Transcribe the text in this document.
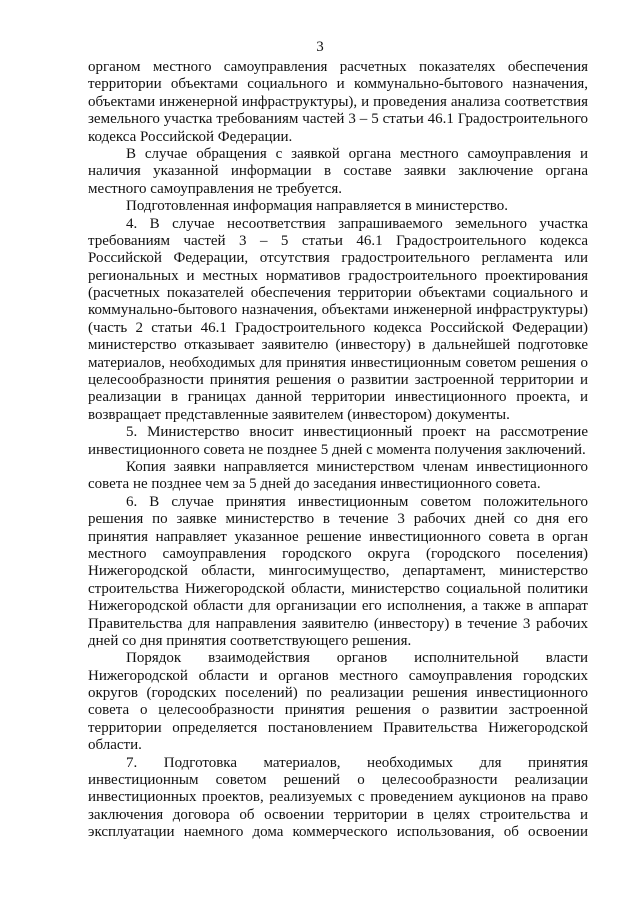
3
органом местного самоуправления расчетных показателях обеспечения
территории объектами социального и коммунально-бытового назначения,
объектами инженерной инфраструктуры), и проведения анализа соответствия
земельного участка требованиям частей 3 – 5 статьи 46.1 Градостроительного
кодекса Российской Федерации.
В случае обращения с заявкой органа местного самоуправления и
наличия указанной информации в составе заявки заключение органа
местного самоуправления не требуется.
Подготовленная информация направляется в министерство.
4. В случае несоответствия запрашиваемого земельного участка
требованиям частей 3 – 5 статьи 46.1 Градостроительного кодекса
Российской Федерации, отсутствия градостроительного регламента или
региональных и местных нормативов градостроительного проектирования
(расчетных показателей обеспечения территории объектами социального и
коммунально-бытового назначения, объектами инженерной инфраструктуры)
(часть 2 статьи 46.1 Градостроительного кодекса Российской Федерации)
министерство отказывает заявителю (инвестору) в дальнейшей подготовке
материалов, необходимых для принятия инвестиционным советом решения о
целесообразности принятия решения о развитии застроенной территории и
реализации в границах данной территории инвестиционного проекта, и
возвращает представленные заявителем (инвестором) документы.
5. Министерство вносит инвестиционный проект на рассмотрение
инвестиционного совета не позднее 5 дней с момента получения заключений.
Копия заявки направляется министерством членам инвестиционного
совета не позднее чем за 5 дней до заседания инвестиционного совета.
6. В случае принятия инвестиционным советом положительного
решения по заявке министерство в течение 3 рабочих дней со дня его
принятия направляет указанное решение инвестиционного совета в орган
местного самоуправления городского округа (городского поселения)
Нижегородской области, мингосимущество, департамент, министерство
строительства Нижегородской области, министерство социальной политики
Нижегородской области для организации его исполнения, а также в аппарат
Правительства для направления заявителю (инвестору) в течение 3 рабочих
дней со дня принятия соответствующего решения.
Порядок взаимодействия органов исполнительной власти
Нижегородской области и органов местного самоуправления городских
округов (городских поселений) по реализации решения инвестиционного
совета о целесообразности принятия решения о развитии застроенной
территории определяется постановлением Правительства Нижегородской
области.
7. Подготовка материалов, необходимых для принятия
инвестиционным советом решений о целесообразности реализации
инвестиционных проектов, реализуемых с проведением аукционов на право
заключения договора об освоении территории в целях строительства и
эксплуатации наемного дома коммерческого использования, об освоении
